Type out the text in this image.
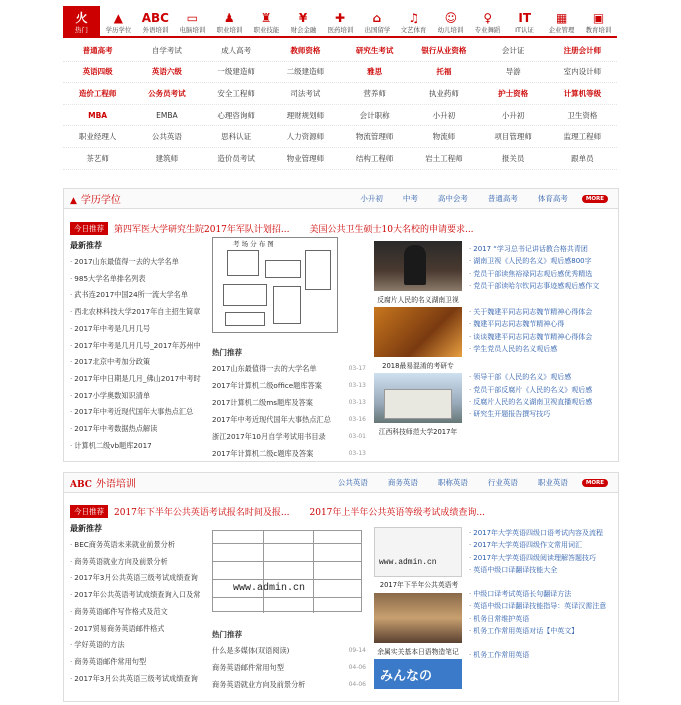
火
热门
▲
学历学位
ABC
外语培训
▭
电脑培训
♟
职业培训
♜
职业技能
¥
财会金融
✚
医药培训
⌂
出国留学
♫
文艺体育
☺
幼儿培训
♀
专业舞蹈
IT
IT认证
▦
企业管理
▣
教育培训
普通高考	自学考试	成人高考	教师资格	研究生考试	银行从业资格	会计证	注册会计师
英语四级	英语六级	一级建造师	二级建造师	雅思	托福	导游	室内设计师
造价工程师	公务员考试	安全工程师	司法考试	营养师	执业药师	护士资格	计算机等级
MBA	EMBA	心理咨询师	理财规划师	会计职称	小升初	小升初	卫生资格
职业经理人	公共英语	思科认证	人力资源师	物流管理师	物流师	项目管理师	监理工程师
茶艺师	建筑师	造价员考试	物业管理师	结构工程师	岩土工程师	报关员	跟单员
▲ 学历学位	小升初	中考	高中会考	普通高考	体育高考	MORE
今日推荐	第四军医大学研究生院2017年军队计划招... 美国公共卫生硕士10大名校的申请要求...
最新推荐
· 2017山东最值得一去的大学名单
· 985大学名单排名列表
· 武书连2017中国24所一流大学名单
· 西北农林科技大学2017年自主招生简章
· 2017年中考是几月几号
· 2017年中考是几月几号_2017年苏州中
· 2017北京中考加分政策
· 2017年中日期是几月_佛山2017中考时
· 2017小学奥数知识清单
· 2017年中考近现代国年大事热点汇总
· 2017年中考数据热点解读
· 计算机二级vb题库2017
考 场 分 布 图
热门推荐
2017山东最值得一去的大学名单	03-17
2017年计算机二级office题库答案	03-13
2017计算机二级ms题库及答案	03-13
2017年中考近现代国年大事热点汇总	03-16
浙江2017年10月自学考试用书目录	03-01
2017年计算机二级c题库及答案	03-13
反腐片人民的名义湖南卫视
2018最易混淆的考研专
江西科技师范大学2017年
· 2017 “学习总书记讲话教合格共青团
· 湖南卫视《人民的名义》观后感800字
· 党员干部读焦裕禄同志观后感优秀精选
· 党员干部读哈尔钦同志事迹感观后感作文
· 关于魏建平同志同志魏节精神心得体会
· 魏建平同志同志魏节精神心得
· 谈谈魏建平同志同志魏节精神心得体会
· 学生党员人民的名义观后感
· 领导干部《人民的名义》观后感
· 党员干部反腐片《人民的名义》观后感
· 反腐片人民的名义湖南卫视直播观后感
· 研究生开题报告撰写技巧
ABC 外语培训	公共英语	商务英语	职称英语	行业英语	职业英语	MORE
今日推荐	2017年下半年公共英语考试报名时间及报... 2017年上半年公共英语等级考试成绩查询...
最新推荐
· BEC商务英语未来就业前景分析
· 商务英语就业方向及前景分析
· 2017年3月公共英语三级考试成绩查询
· 2017年公共英语考试成绩查询入口及常
· 商务英语邮件写作格式及范文
· 2017贸易商务英语邮件格式
· 学好英语的方法
· 商务英语邮件常用句型
· 2017年3月公共英语三级考试成绩查询
www.admin.cn
热门推荐
什么是多媒体(双语阅读)	09-14
商务英语邮件常用句型	04-06
商务英语就业方向及前景分析	04-06
www.admin.cn
2017年下半年公共英语考
余属实关基本日语物造笔记
みんなの
· 2017年大学英语四级口语考试内容及流程
· 2017年大学英语四级作文常用词汇
· 2017年大学英语四级阅读理解答题技巧
· 英语中级口译翻译技能大全
· 中级口译考试英语长句翻译方法
· 英语中级口译翻译技能指导：英译汉需注意
· 机务日常维护英语
· 机务工作常用英语对话【中英文】
· 机务工作常用英语
